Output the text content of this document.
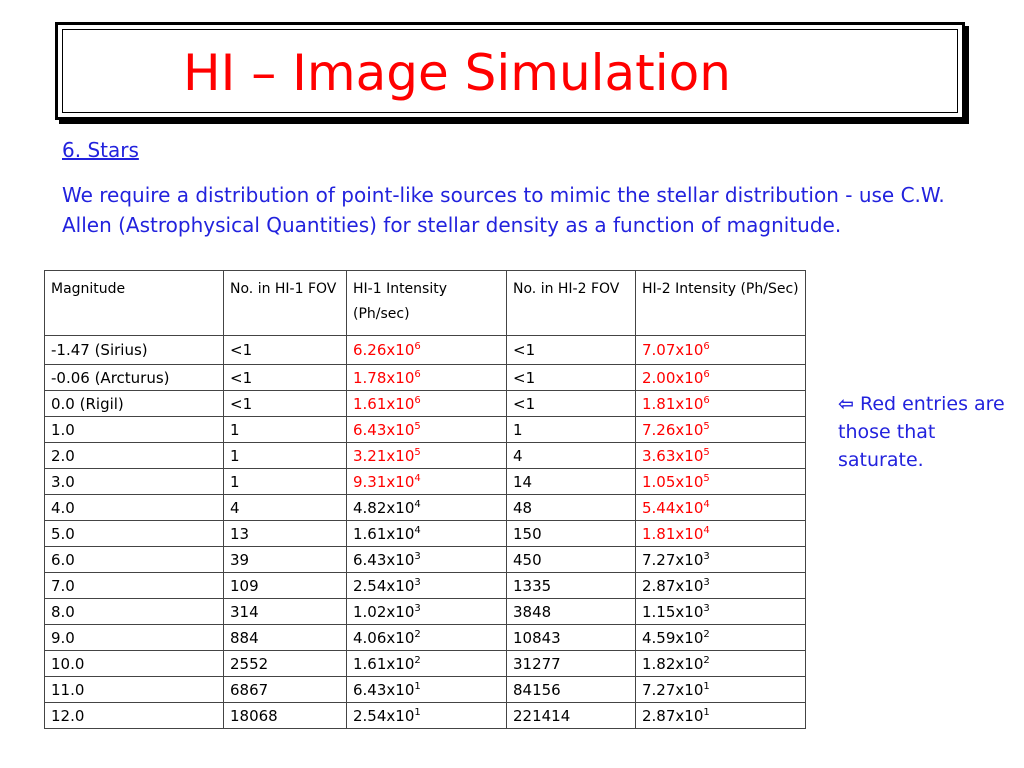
HI – Image Simulation
6. Stars

We require a distribution of point-like sources to mimic the stellar distribution - use C.W. Allen (Astrophysical Quantities) for stellar density as a function of magnitude.

Magnitude	No. in HI-1 FOV	HI-1 Intensity (Ph/sec)	No. in HI-2 FOV	HI-2 Intensity (Ph/Sec)
-1.47 (Sirius)	<1	$6.26x10^6$	<1	$7.07x10^6$
-0.06 (Arcturus)	<1	$1.78x10^6$	<1	$2.00x10^6$
0.0 (Rigil)	<1	$1.61x10^6$	<1	$1.81x10^6$
1.0	1	$6.43x10^5$	1	$7.26x10^5$
2.0	1	$3.21x10^5$	4	$3.63x10^5$
3.0	1	$9.31x10^4$	14	$1.05x10^5$
4.0	4	$4.82x10^4$	48	$5.44x10^4$
5.0	13	$1.61x10^4$	150	$1.81x10^4$
6.0	39	$6.43x10^3$	450	$7.27x10^3$
7.0	109	$2.54x10^3$	1335	$2.87x10^3$
8.0	314	$1.02x10^3$	3848	$1.15x10^3$
9.0	884	$4.06x10^2$	10843	$4.59x10^2$
10.0	2552	$1.61x10^2$	31277	$1.82x10^2$
11.0	6867	$6.43x10^1$	84156	$7.27x10^1$
12.0	18068	$2.54x10^1$	221414	$2.87x10^1$
⇦ Red entries are those that saturate.
